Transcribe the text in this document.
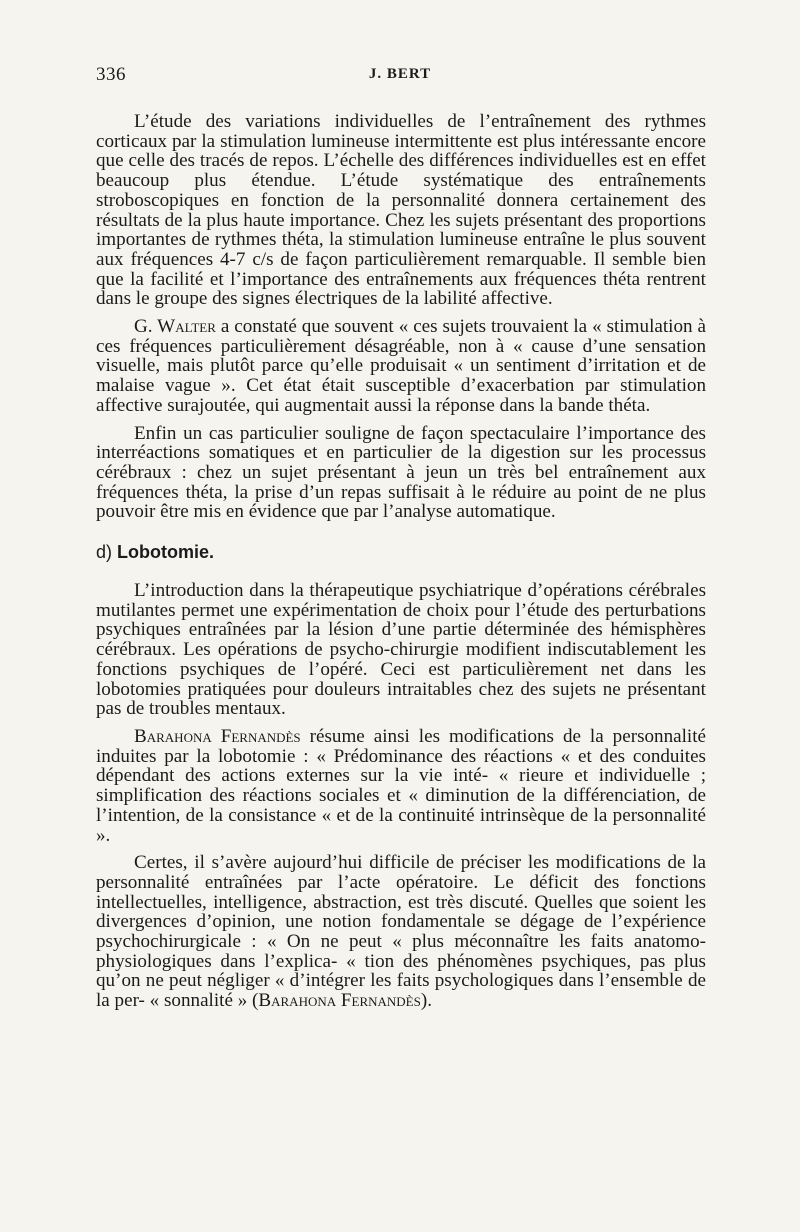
336	J. BERT

L’étude des variations individuelles de l’entraînement des rythmes corticaux par la stimulation lumineuse intermittente est plus intéressante encore que celle des tracés de repos. L’échelle des différences individuelles est en effet beaucoup plus étendue. L’étude systématique des entraînements stroboscopiques en fonction de la personnalité donnera certainement des résultats de la plus haute importance. Chez les sujets présentant des proportions importantes de rythmes théta, la stimulation lumineuse entraîne le plus souvent aux fréquences 4-7 c/s de façon particulièrement remarquable. Il semble bien que la facilité et l’importance des entraînements aux fréquences théta rentrent dans le groupe des signes électriques de la labilité affective.

G. Walter a constaté que souvent « ces sujets trouvaient la « stimulation à ces fréquences particulièrement désagréable, non à « cause d’une sensation visuelle, mais plutôt parce qu’elle produisait « un sentiment d’irritation et de malaise vague ». Cet état était susceptible d’exacerbation par stimulation affective surajoutée, qui augmentait aussi la réponse dans la bande théta.

Enfin un cas particulier souligne de façon spectaculaire l’importance des interréactions somatiques et en particulier de la digestion sur les processus cérébraux : chez un sujet présentant à jeun un très bel entraînement aux fréquences théta, la prise d’un repas suffisait à le réduire au point de ne plus pouvoir être mis en évidence que par l’analyse automatique.

d) Lobotomie.

L’introduction dans la thérapeutique psychiatrique d’opérations cérébrales mutilantes permet une expérimentation de choix pour l’étude des perturbations psychiques entraînées par la lésion d’une partie déterminée des hémisphères cérébraux. Les opérations de psycho-chirurgie modifient indiscutablement les fonctions psychiques de l’opéré. Ceci est particulièrement net dans les lobotomies pratiquées pour douleurs intraitables chez des sujets ne présentant pas de troubles mentaux.

Barahona Fernandès résume ainsi les modifications de la personnalité induites par la lobotomie : « Prédominance des réactions « et des conduites dépendant des actions externes sur la vie inté- « rieure et individuelle ; simplification des réactions sociales et « diminution de la différenciation, de l’intention, de la consistance « et de la continuité intrinsèque de la personnalité ».

Certes, il s’avère aujourd’hui difficile de préciser les modifications de la personnalité entraînées par l’acte opératoire. Le déficit des fonctions intellectuelles, intelligence, abstraction, est très discuté. Quelles que soient les divergences d’opinion, une notion fondamentale se dégage de l’expérience psychochirurgicale : « On ne peut « plus méconnaître les faits anatomo-physiologiques dans l’explica- « tion des phénomènes psychiques, pas plus qu’on ne peut négliger « d’intégrer les faits psychologiques dans l’ensemble de la per- « sonnalité » (Barahona Fernandès).
